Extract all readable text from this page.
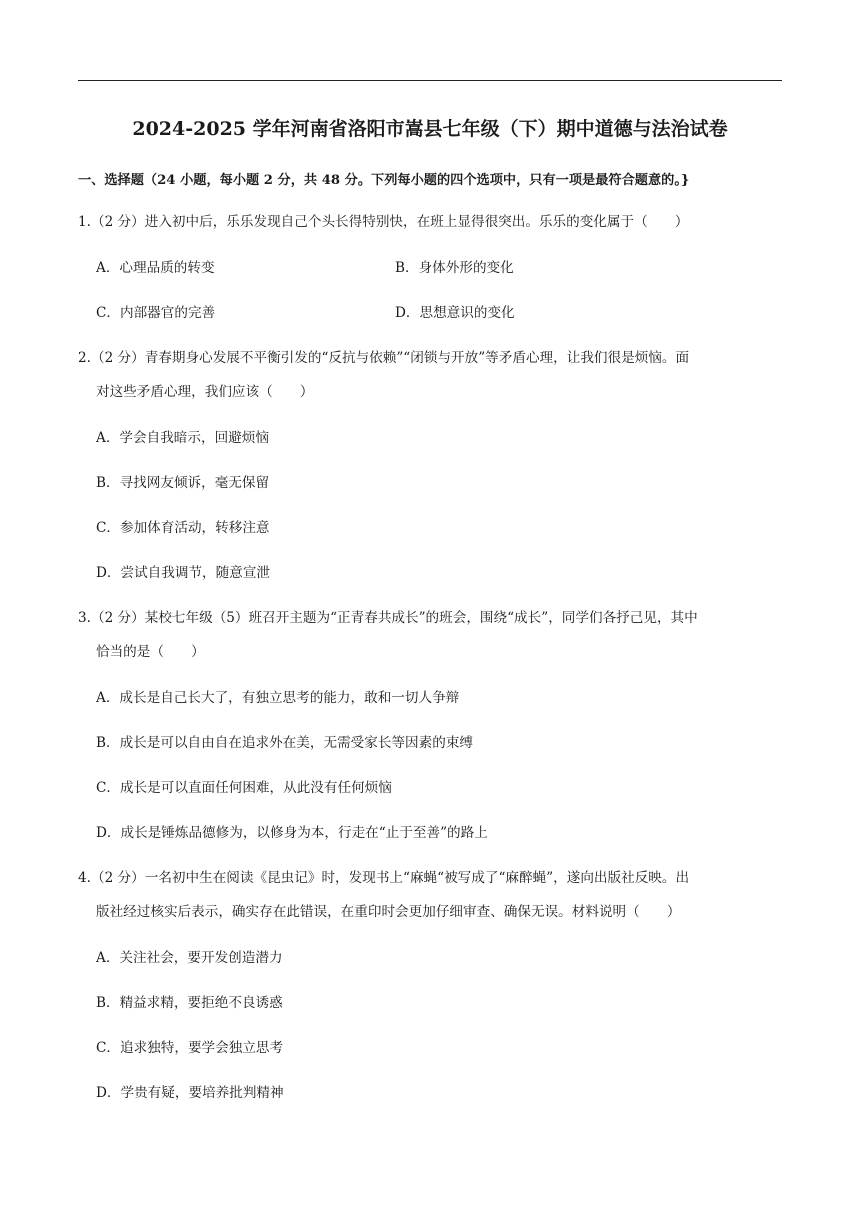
2024-2025 学年河南省洛阳市嵩县七年级（下）期中道德与法治试卷
一、选择题（24 小题，每小题 2 分，共 48 分。下列每小题的四个选项中，只有一项是最符合题意的。}
1.（2 分）进入初中后，乐乐发现自己个头长得特别快，在班上显得很突出。乐乐的变化属于（　　）
A．心理品质的转变	B．身体外形的变化
C．内部器官的完善	D．思想意识的变化
2.（2 分）青春期身心发展不平衡引发的“反抗与依赖”“闭锁与开放”等矛盾心理，让我们很是烦恼。面
对这些矛盾心理，我们应该（　　）
A．学会自我暗示，回避烦恼
B．寻找网友倾诉，毫无保留
C．参加体育活动，转移注意
D．尝试自我调节，随意宣泄
3.（2 分）某校七年级（5）班召开主题为“正青春共成长”的班会，围绕“成长”，同学们各抒己见，其中
恰当的是（　　）
A．成长是自己长大了，有独立思考的能力，敢和一切人争辩
B．成长是可以自由自在追求外在美，无需受家长等因素的束缚
C．成长是可以直面任何困难，从此没有任何烦恼
D．成长是锤炼品德修为，以修身为本，行走在“止于至善”的路上
4.（2 分）一名初中生在阅读《昆虫记》时，发现书上“麻蝇“被写成了“麻醉蝇”，遂向出版社反映。出
版社经过核实后表示，确实存在此错误，在重印时会更加仔细审查、确保无误。材料说明（　　）
A．关注社会，要开发创造潜力
B．精益求精，要拒绝不良诱惑
C．追求独特，要学会独立思考
D．学贵有疑，要培养批判精神
